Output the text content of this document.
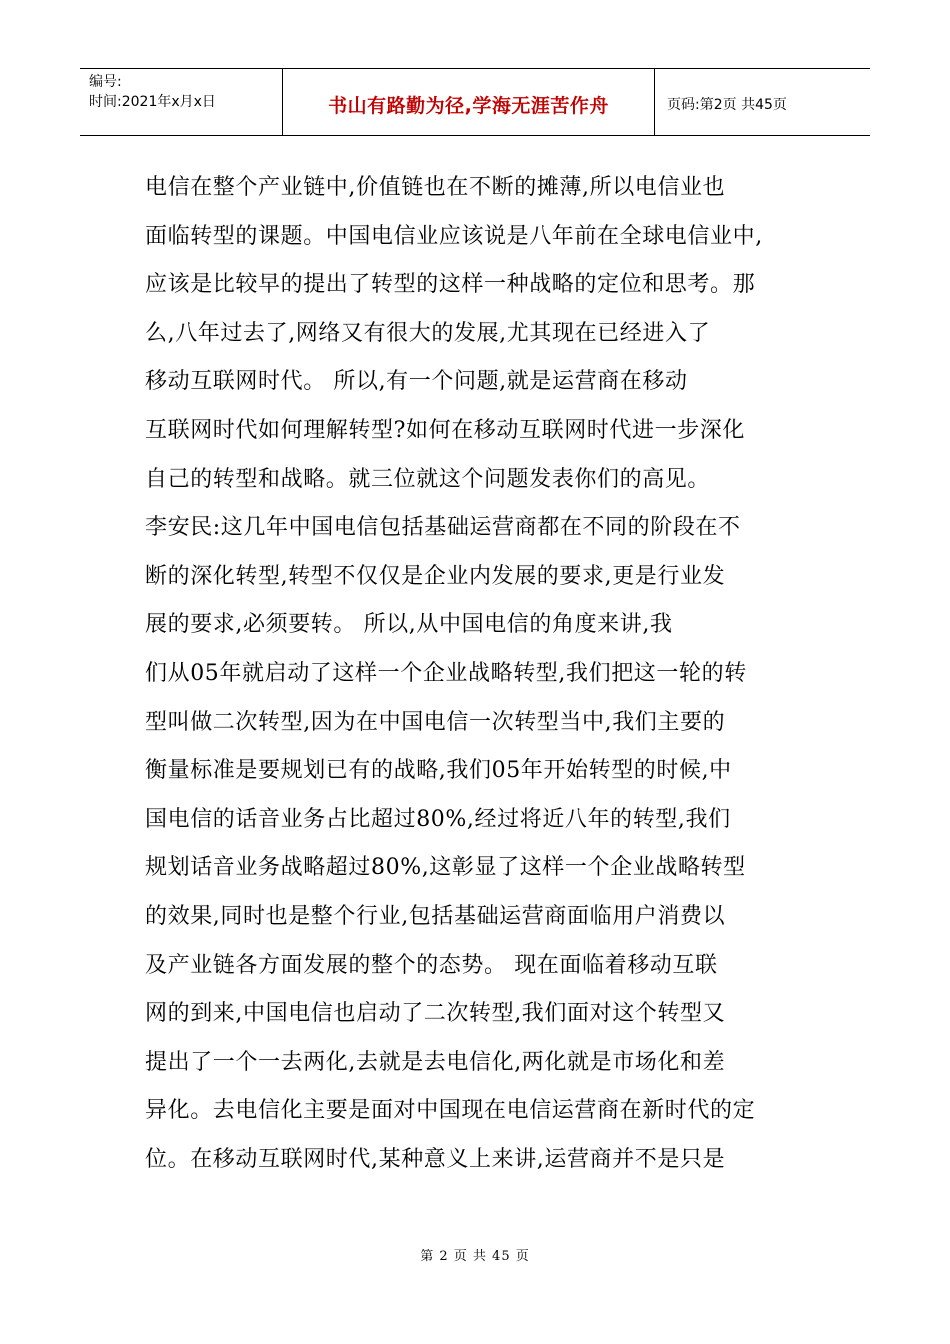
编号:
时间:2021年x月x日	书山有路勤为径,学海无涯苦作舟	页码:第2页 共45页
电信在整个产业链中,价值链也在不断的摊薄,所以电信业也
面临转型的课题。中国电信业应该说是八年前在全球电信业中,
应该是比较早的提出了转型的这样一种战略的定位和思考。那
么,八年过去了,网络又有很大的发展,尤其现在已经进入了
移动互联网时代。 所以,有一个问题,就是运营商在移动
互联网时代如何理解转型?如何在移动互联网时代进一步深化
自己的转型和战略。就三位就这个问题发表你们的高见。
李安民:这几年中国电信包括基础运营商都在不同的阶段在不
断的深化转型,转型不仅仅是企业内发展的要求,更是行业发
展的要求,必须要转。 所以,从中国电信的角度来讲,我
们从05年就启动了这样一个企业战略转型,我们把这一轮的转
型叫做二次转型,因为在中国电信一次转型当中,我们主要的
衡量标准是要规划已有的战略,我们05年开始转型的时候,中
国电信的话音业务占比超过80%,经过将近八年的转型,我们
规划话音业务战略超过80%,这彰显了这样一个企业战略转型
的效果,同时也是整个行业,包括基础运营商面临用户消费以
及产业链各方面发展的整个的态势。 现在面临着移动互联
网的到来,中国电信也启动了二次转型,我们面对这个转型又
提出了一个一去两化,去就是去电信化,两化就是市场化和差
异化。去电信化主要是面对中国现在电信运营商在新时代的定
位。在移动互联网时代,某种意义上来讲,运营商并不是只是
第 2 页 共 45 页
